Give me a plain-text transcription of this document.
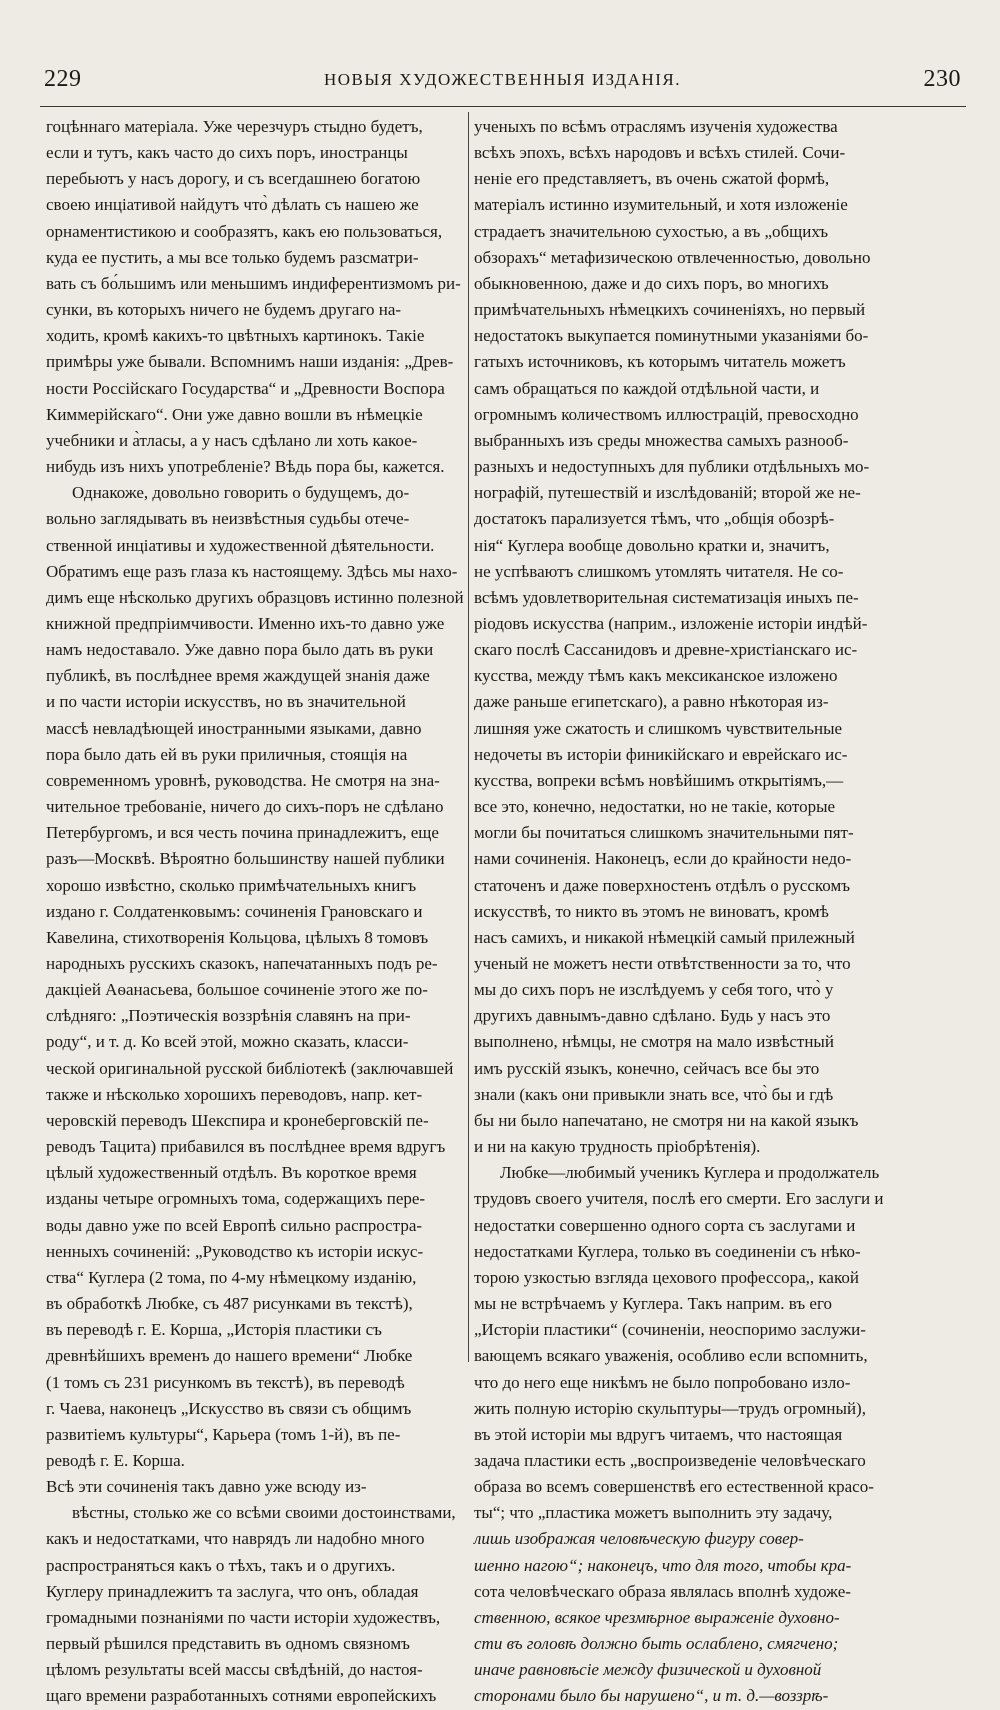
229	НОВЫЯ ХУДОЖЕСТВЕННЫЯ ИЗДАНІЯ.	230
гоцѣннаго матеріала. Уже черезчуръ стыдно будетъ,
если и тутъ, какъ часто до сихъ поръ, иностранцы
перебьютъ у насъ дорогу, и съ всегдашнею богатою
своею инціативой найдутъ что̀ дѣлать съ нашею же
орнаментистикою и сообразятъ, какъ ею пользоваться,
куда ее пустить, а мы все только будемъ разсматри-
вать съ бо́льшимъ или меньшимъ индиферентизмомъ ри-
сунки, въ которыхъ ничего не будемъ другаго на-
ходить, кромѣ какихъ-то цвѣтныхъ картинокъ. Такіе
примѣры уже бывали. Вспомнимъ наши изданія: „Древ-
ности Россійскаго Государства“ и „Древности Воспора
Киммерійскаго“. Они уже давно вошли въ нѣмецкіе
учебники и а̀тласы, а у насъ сдѣлано ли хоть какое-
нибудь изъ нихъ употребленіе? Вѣдь пора бы, кажется.
Однакоже, довольно говорить о будущемъ, до-
вольно заглядывать въ неизвѣстныя судьбы отече-
ственной инціативы и художественной дѣятельности.
Обратимъ еще разъ глаза къ настоящему. Здѣсь мы нахо-
димъ еще нѣсколько другихъ образцовъ истинно полезной
книжной предпріимчивости. Именно ихъ-то давно уже
намъ недоставало. Уже давно пора было дать въ руки
публикѣ, въ послѣднее время жаждущей знанія даже
и по части исторіи искусствъ, но въ значительной
массѣ невладѣющей иностранными языками, давно
пора было дать ей въ руки приличныя, стоящія на
современномъ уровнѣ, руководства. Не смотря на зна-
чительное требованіе, ничего до сихъ-поръ не сдѣлано
Петербургомъ, и вся честь почина принадлежитъ, еще
разъ—Москвѣ. Вѣроятно большинству нашей публики
хорошо извѣстно, сколько примѣчательныхъ книгъ
издано г. Солдатенковымъ: сочиненія Грановскаго и
Кавелина, стихотворенія Кольцова, цѣлыхъ 8 томовъ
народныхъ русскихъ сказокъ, напечатанныхъ подъ ре-
дакціей Аѳанасьева, большое сочиненіе этого же по-
слѣдняго: „Поэтическія воззрѣнія славянъ на при-
роду“, и т. д. Ко всей этой, можно сказать, класси-
ческой оригинальной русской библіотекѣ (заключавшей
также и нѣсколько хорошихъ переводовъ, напр. кет-
черовскій переводъ Шекспира и кронеберговскій пе-
реводъ Тацита) прибавился въ послѣднее время вдругъ
цѣлый художественный отдѣлъ. Въ короткое время
изданы четыре огромныхъ тома, содержащихъ пере-
воды давно уже по всей Европѣ сильно распростра-
ненныхъ сочиненій: „Руководство къ исторіи искус-
ства“ Куглера (2 тома, по 4-му нѣмецкому изданію,
въ обработкѣ Любке, съ 487 рисунками въ текстѣ),
въ переводѣ г. Е. Корша, „Исторія пластики съ
древнѣйшихъ временъ до нашего времени“ Любке
(1 томъ съ 231 рисункомъ въ текстѣ), въ переводѣ
г. Чаева, наконецъ „Искусство въ связи съ общимъ
развитіемъ культуры“, Карьера (томъ 1-й), въ пе-
реводѣ г. Е. Корша.
Всѣ эти сочиненія такъ давно уже всюду из-
вѣстны, столько же со всѣми своими достоинствами,
какъ и недостатками, что наврядъ ли надобно много
распространяться какъ о тѣхъ, такъ и о другихъ.
Куглеру принадлежитъ та заслуга, что онъ, обладая
громадными познаніями по части исторіи художествъ,
первый рѣшился представить въ одномъ связномъ
цѣломъ результаты всей массы свѣдѣній, до настоя-
щаго времени разработанныхъ сотнями европейскихъ
ученыхъ по всѣмъ отраслямъ изученія художества
всѣхъ эпохъ, всѣхъ народовъ и всѣхъ стилей. Сочи-
неніе его представляетъ, въ очень сжатой формѣ,
матеріалъ истинно изумительный, и хотя изложеніе
страдаетъ значительною сухостью, а въ „общихъ
обзорахъ“ метафизическою отвлеченностью, довольно
обыкновенною, даже и до сихъ поръ, во многихъ
примѣчательныхъ нѣмецкихъ сочиненіяхъ, но первый
недостатокъ выкупается поминутными указаніями бо-
гатыхъ источниковъ, къ которымъ читатель можетъ
самъ обращаться по каждой отдѣльной части, и
огромнымъ количествомъ иллюстрацій, превосходно
выбранныхъ изъ среды множества самыхъ разнооб-
разныхъ и недоступныхъ для публики отдѣльныхъ мо-
нографій, путешествій и изслѣдованій; второй же не-
достатокъ парализуется тѣмъ, что „общія обозрѣ-
нія“ Куглера вообще довольно кратки и, значитъ,
не успѣваютъ слишкомъ утомлять читателя. Не со-
всѣмъ удовлетворительная систематизація иныхъ пе-
ріодовъ искусства (наприм., изложеніе исторіи индѣй-
скаго послѣ Сассанидовъ и древне-христіанскаго ис-
кусства, между тѣмъ какъ мексиканское изложено
даже раньше египетскаго), а равно нѣкоторая из-
лишняя уже сжатость и слишкомъ чувствительные
недочеты въ исторіи финикійскаго и еврейскаго ис-
кусства, вопреки всѣмъ новѣйшимъ открытіямъ,—
все это, конечно, недостатки, но не такіе, которые
могли бы почитаться слишкомъ значительными пят-
нами сочиненія. Наконецъ, если до крайности недо-
статоченъ и даже поверхностенъ отдѣлъ о русскомъ
искусствѣ, то никто въ этомъ не виноватъ, кромѣ
насъ самихъ, и никакой нѣмецкій самый прилежный
ученый не можетъ нести отвѣтственности за то, что
мы до сихъ поръ не изслѣдуемъ у себя того, что̀ у
другихъ давнымъ-давно сдѣлано. Будь у насъ это
выполнено, нѣмцы, не смотря на мало извѣстный
имъ русскій языкъ, конечно, сейчасъ все бы это
знали (какъ они привыкли знать все, что̀ бы и гдѣ
бы ни было напечатано, не смотря ни на какой языкъ
и ни на какую трудность пріобрѣтенія).
Любке—любимый ученикъ Куглера и продолжатель
трудовъ своего учителя, послѣ его смерти. Его заслуги и
недостатки совершенно одного сорта съ заслугами и
недостатками Куглера, только въ соединеніи съ нѣко-
торою узкостью взгляда цехового профессора,, какой
мы не встрѣчаемъ у Куглера. Такъ наприм. въ его
„Исторіи пластики“ (сочиненіи, неоспоримо заслужи-
вающемъ всякаго уваженія, особливо если вспомнить,
что до него еще никѣмъ не было попробовано изло-
жить полную исторію скульптуры—трудъ огромный),
въ этой исторіи мы вдругъ читаемъ, что настоящая
задача пластики есть „воспроизведеніе человѣческаго
образа во всемъ совершенствѣ его естественной красо-
ты“; что „пластика можетъ выполнить эту задачу,
лишь изображая человѣческую фигуру совер-
шенно нагою“; наконецъ, что для того, чтобы кра-
сота человѣческаго образа являлась вполнѣ художе-
ственною, всякое чрезмѣрное выраженіе духовно-
сти въ головѣ должно быть ослаблено, смягчено;
иначе равновѣсіе между физической и духовной
сторонами было бы нарушено“, и т. д.—воззрѣ-
